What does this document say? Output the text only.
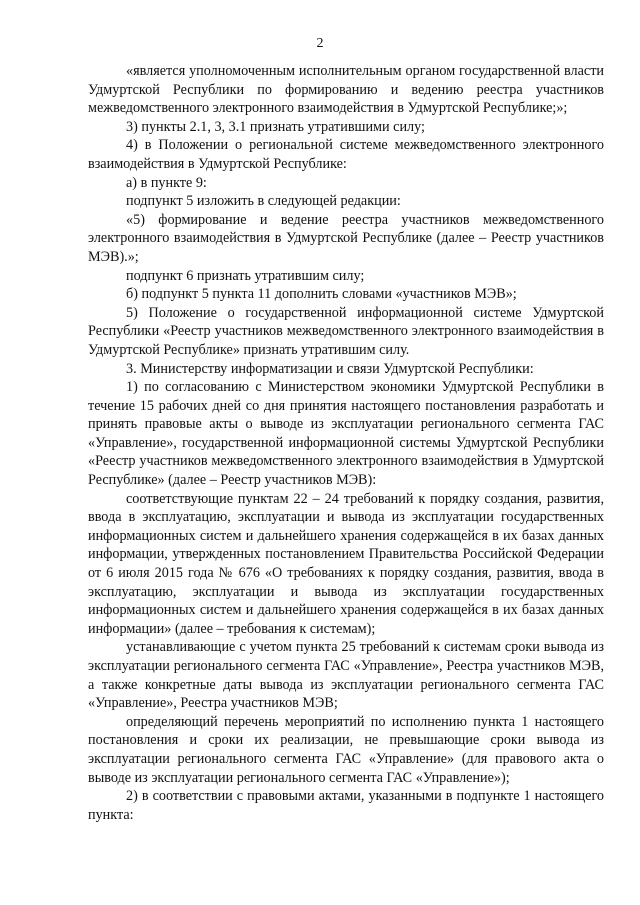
2

«является уполномоченным исполнительным органом государственной власти Удмуртской Республики по формированию и ведению реестра участников межведомственного электронного взаимодействия в Удмуртской Республике;»;

3) пункты 2.1, 3, 3.1 признать утратившими силу;

4) в Положении о региональной системе межведомственного электронного взаимодействия в Удмуртской Республике:

а) в пункте 9:

подпункт 5 изложить в следующей редакции:

«5) формирование и ведение реестра участников межведомственного электронного взаимодействия в Удмуртской Республике (далее – Реестр участников МЭВ).»;

подпункт 6 признать утратившим силу;

б) подпункт 5 пункта 11 дополнить словами «участников МЭВ»;

5) Положение о государственной информационной системе Удмуртской Республики «Реестр участников межведомственного электронного взаимодействия в Удмуртской Республике» признать утратившим силу.

3. Министерству информатизации и связи Удмуртской Республики:

1) по согласованию с Министерством экономики Удмуртской Республики в течение 15 рабочих дней со дня принятия настоящего постановления разработать и принять правовые акты о выводе из эксплуатации регионального сегмента ГАС «Управление», государственной информационной системы Удмуртской Республики «Реестр участников межведомственного электронного взаимодействия в Удмуртской Республике» (далее – Реестр участников МЭВ):

соответствующие пунктам 22 – 24 требований к порядку создания, развития, ввода в эксплуатацию, эксплуатации и вывода из эксплуатации государственных информационных систем и дальнейшего хранения содержащейся в их базах данных информации, утвержденных постановлением Правительства Российской Федерации от 6 июля 2015 года № 676 «О требованиях к порядку создания, развития, ввода в эксплуатацию, эксплуатации и вывода из эксплуатации государственных информационных систем и дальнейшего хранения содержащейся в их базах данных информации» (далее – требования к системам);

устанавливающие с учетом пункта 25 требований к системам сроки вывода из эксплуатации регионального сегмента ГАС «Управление», Реестра участников МЭВ, а также конкретные даты вывода из эксплуатации регионального сегмента ГАС «Управление», Реестра участников МЭВ;

определяющий перечень мероприятий по исполнению пункта 1 настоящего постановления и сроки их реализации, не превышающие сроки вывода из эксплуатации регионального сегмента ГАС «Управление» (для правового акта о выводе из эксплуатации регионального сегмента ГАС «Управление»);

2) в соответствии с правовыми актами, указанными в подпункте 1 настоящего пункта:
